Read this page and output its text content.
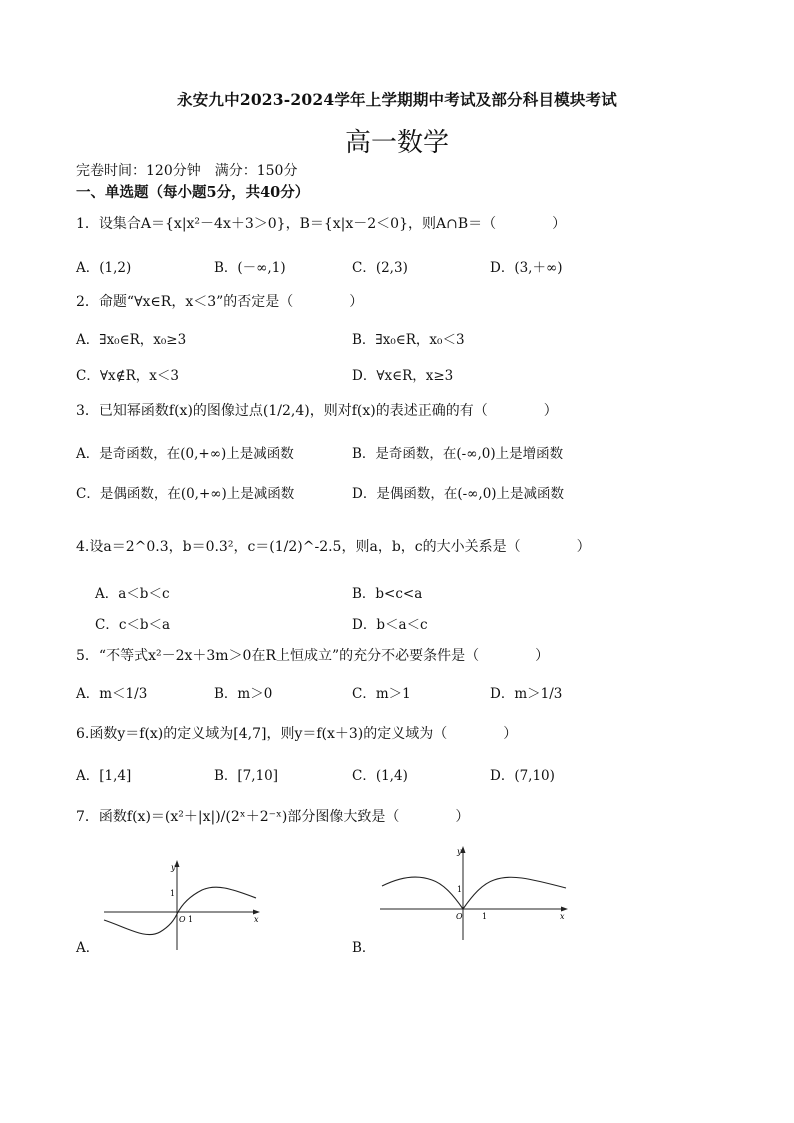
永安九中2023-2024学年上学期期中考试及部分科目模块考试
高一数学
完卷时间：120分钟　满分：150分
一、单选题（每小题5分，共40分）
1．设集合A＝{x|x²－4x＋3＞0}，B＝{x|x－2＜0}，则A∩B＝（　　　　）
A．(1,2)	B．(－∞,1)	C．(2,3)	D．(3,＋∞)
2．命题“∀x∈R，x＜3”的否定是（　　　　）
A．∃x₀∈R，x₀≥3	B．∃x₀∈R，x₀＜3
C．∀x∉R，x＜3	D．∀x∈R，x≥3
3．已知幂函数f(x)的图像过点(1/2,4)，则对f(x)的表述正确的有（　　　　）
A．是奇函数，在(0,+∞)上是减函数	B．是奇函数，在(-∞,0)上是增函数
C．是偶函数，在(0,+∞)上是减函数	D．是偶函数，在(-∞,0)上是减函数
4.设a＝2^0.3，b＝0.3²，c＝(1/2)^-2.5，则a，b，c的大小关系是（　　　　）
A．a＜b＜c	B．b<c<a
C．c＜b＜a	D．b＜a＜c
5．“不等式x²－2x＋3m＞0在R上恒成立”的充分不必要条件是（　　　　）
A．m＜1/3	B．m＞0	C．m＞1	D．m＞1/3
6.函数y＝f(x)的定义域为[4,7]，则y＝f(x＋3)的定义域为（　　　　）
A．[1,4]	B．[7,10]	C．(1,4)	D．(7,10)
7．函数f(x)＝(x²＋|x|)/(2ˣ＋2⁻ˣ)部分图像大致是（　　　　）
y
1
O 1	x
A．
y
1
O 1	x
B．
